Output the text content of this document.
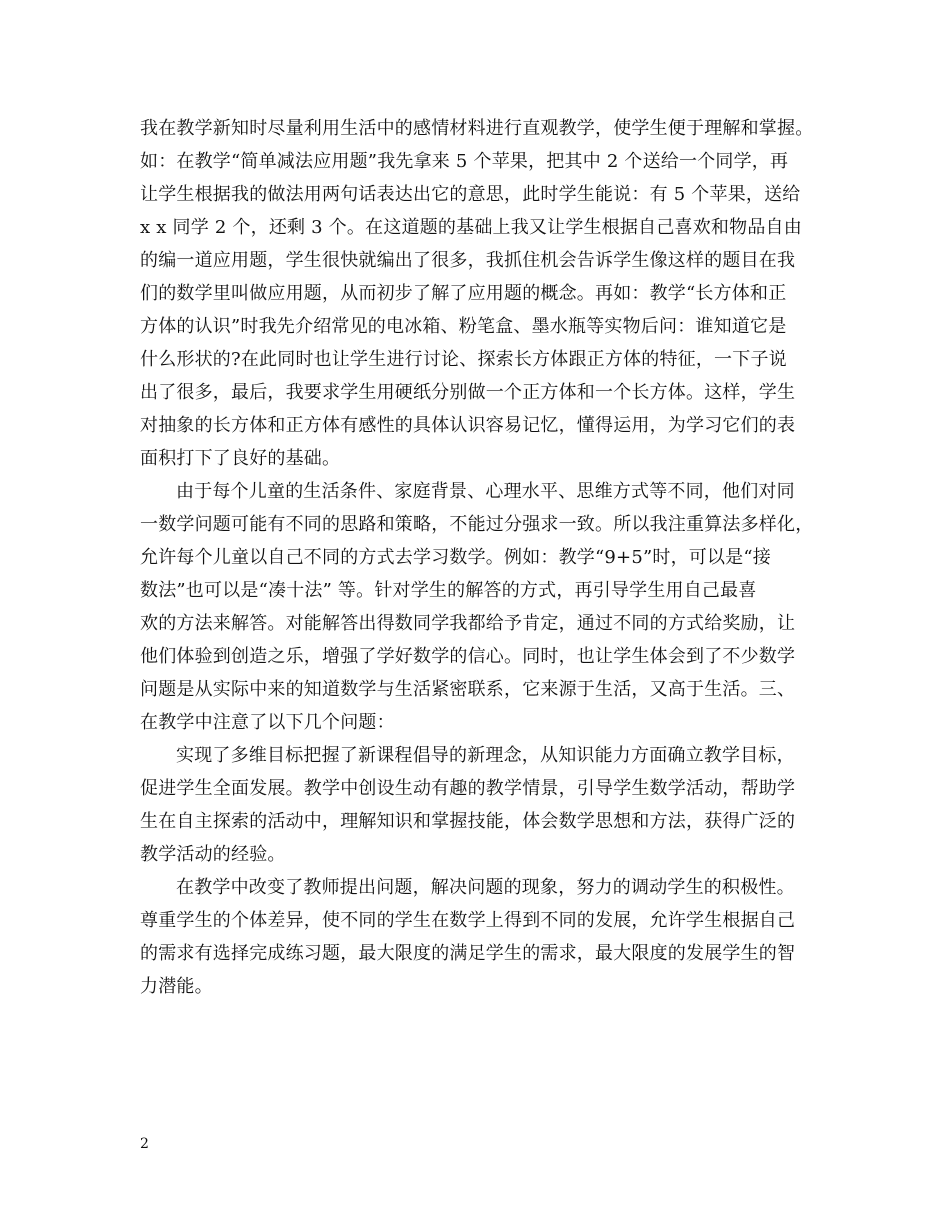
我在教学新知时尽量利用生活中的感情材料进行直观教学，使学生便于理解和掌握。
如：在教学“简单减法应用题”我先拿来 5 个苹果，把其中 2 个送给一个同学，再
让学生根据我的做法用两句话表达出它的意思，此时学生能说：有 5 个苹果，送给
x x 同学 2 个，还剩 3 个。在这道题的基础上我又让学生根据自己喜欢和物品自由
的编一道应用题，学生很快就编出了很多，我抓住机会告诉学生像这样的题目在我
们的数学里叫做应用题，从而初步了解了应用题的概念。再如：教学“长方体和正
方体的认识”时我先介绍常见的电冰箱、粉笔盒、墨水瓶等实物后问：谁知道它是
什么形状的?在此同时也让学生进行讨论、探索长方体跟正方体的特征，一下子说
出了很多，最后，我要求学生用硬纸分别做一个正方体和一个长方体。这样，学生
对抽象的长方体和正方体有感性的具体认识容易记忆，懂得运用，为学习它们的表
面积打下了良好的基础。
由于每个儿童的生活条件、家庭背景、心理水平、思维方式等不同，他们对同
一数学问题可能有不同的思路和策略，不能过分强求一致。所以我注重算法多样化，
允许每个儿童以自己不同的方式去学习数学。例如：教学“9+5”时，可以是“接
数法”也可以是“凑十法” 等。针对学生的解答的方式，再引导学生用自己最喜
欢的方法来解答。对能解答出得数同学我都给予肯定，通过不同的方式给奖励，让
他们体验到创造之乐，增强了学好数学的信心。同时，也让学生体会到了不少数学
问题是从实际中来的知道数学与生活紧密联系，它来源于生活，又高于生活。三、
在教学中注意了以下几个问题：
实现了多维目标把握了新课程倡导的新理念，从知识能力方面确立教学目标，
促进学生全面发展。教学中创设生动有趣的教学情景，引导学生数学活动，帮助学
生在自主探索的活动中，理解知识和掌握技能，体会数学思想和方法，获得广泛的
教学活动的经验。
在教学中改变了教师提出问题，解决问题的现象，努力的调动学生的积极性。
尊重学生的个体差异，使不同的学生在数学上得到不同的发展，允许学生根据自己
的需求有选择完成练习题，最大限度的满足学生的需求，最大限度的发展学生的智
力潜能。
2
